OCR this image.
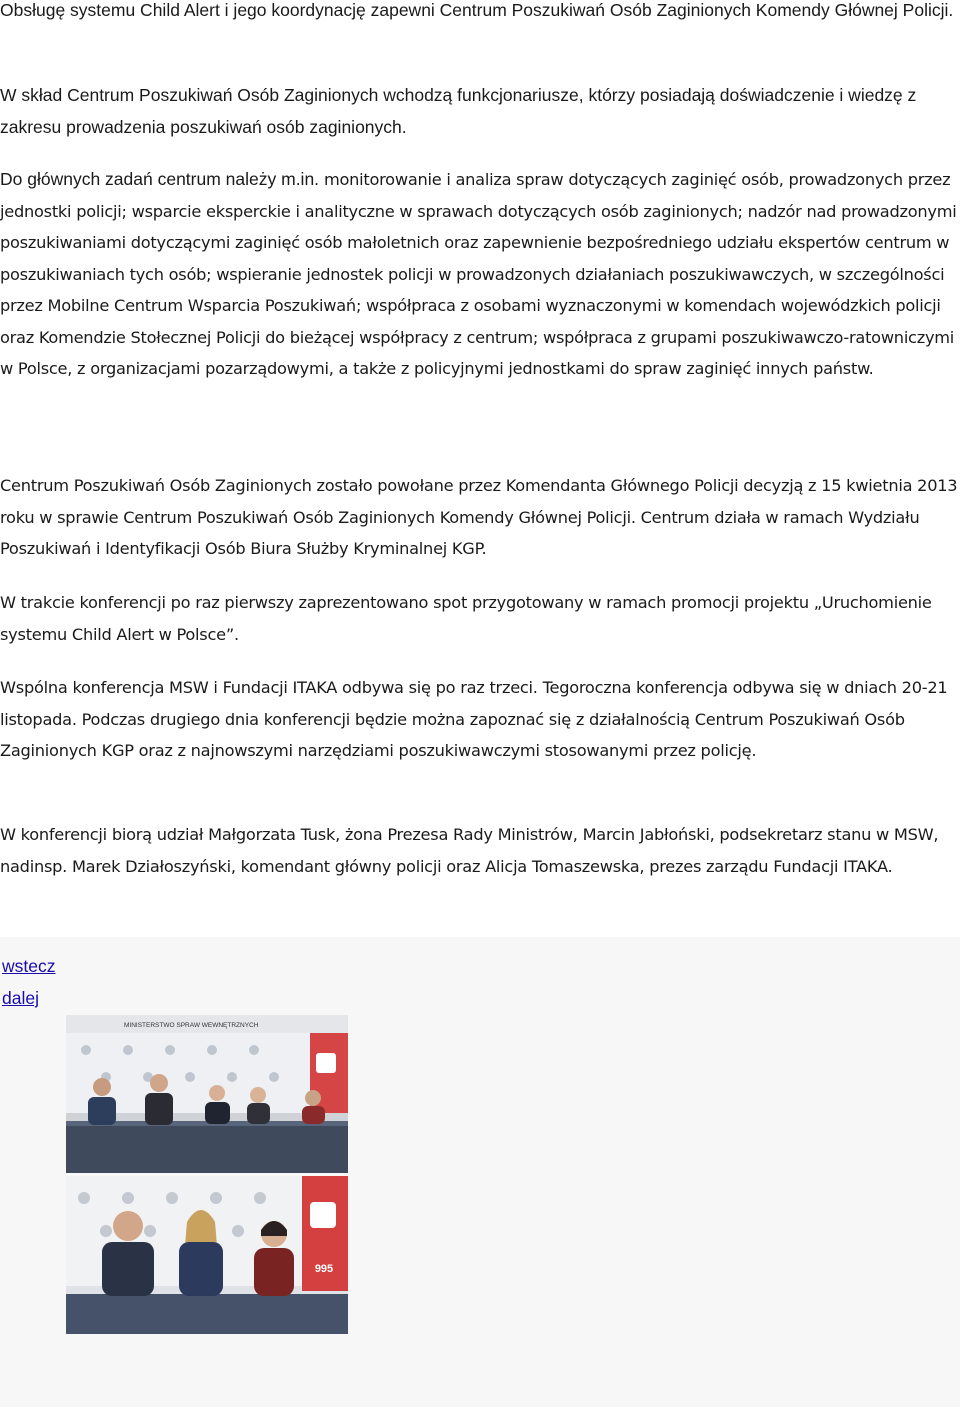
Obsługę systemu Child Alert i jego koordynację zapewni Centrum Poszukiwań Osób Zaginionych Komendy Głównej Policji.

W skład Centrum Poszukiwań Osób Zaginionych wchodzą funkcjonariusze, którzy posiadają doświadczenie i wiedzę z zakresu prowadzenia poszukiwań osób zaginionych.

Do głównych zadań centrum należy m.in. monitorowanie i analiza spraw dotyczących zaginięć osób, prowadzonych przez jednostki policji; wsparcie eksperckie i analityczne w sprawach dotyczących osób zaginionych; nadzór nad prowadzonymi poszukiwaniami dotyczącymi zaginięć osób małoletnich oraz zapewnienie bezpośredniego udziału ekspertów centrum w poszukiwaniach tych osób; wspieranie jednostek policji w prowadzonych działaniach poszukiwawczych, w szczególności przez Mobilne Centrum Wsparcia Poszukiwań; współpraca z osobami wyznaczonymi w komendach wojewódzkich policji oraz Komendzie Stołecznej Policji do bieżącej współpracy z centrum; współpraca z grupami poszukiwawczo-ratowniczymi w Polsce, z organizacjami pozarządowymi, a także z policyjnymi jednostkami do spraw zaginięć innych państw.

Centrum Poszukiwań Osób Zaginionych zostało powołane przez Komendanta Głównego Policji decyzją z 15 kwietnia 2013 roku w sprawie Centrum Poszukiwań Osób Zaginionych Komendy Głównej Policji. Centrum działa w ramach Wydziału Poszukiwań i Identyfikacji Osób Biura Służby Kryminalnej KGP.

W trakcie konferencji po raz pierwszy zaprezentowano spot przygotowany w ramach promocji projektu „Uruchomienie systemu Child Alert w Polsce”.

Wspólna konferencja MSW i Fundacji ITAKA odbywa się po raz trzeci. Tegoroczna konferencja odbywa się w dniach 20-21 listopada. Podczas drugiego dnia konferencji będzie można zapoznać się z działalnością Centrum Poszukiwań Osób Zaginionych KGP oraz z najnowszymi narzędziami poszukiwawczymi stosowanymi przez policję.

W konferencji biorą udział Małgorzata Tusk, żona Prezesa Rady Ministrów, Marcin Jabłoński, podsekretarz stanu w MSW, nadinsp. Marek Działoszyński, komendant główny policji oraz Alicja Tomaszewska, prezes zarządu Fundacji ITAKA.

wstecz
dalej
MINISTERSTWO SPRAW WEWNĘTRZNYCH
995
